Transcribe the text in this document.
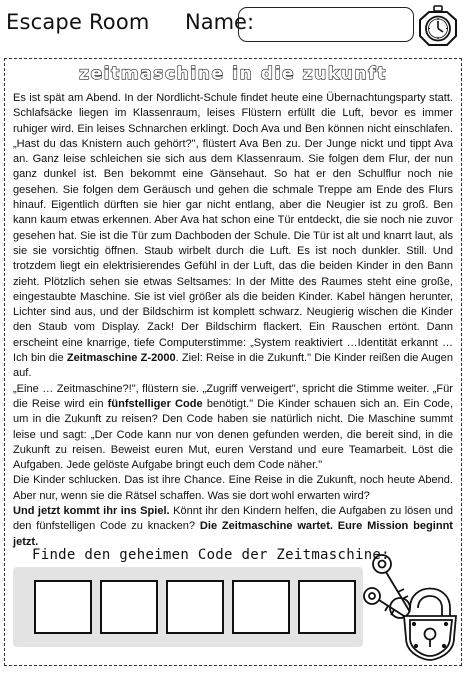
Escape Room Name:
zeitmaschine in die zukunft

Es ist spät am Abend. In der Nordlicht-Schule findet heute eine Übernachtungsparty statt. Schlafsäcke liegen im Klassenraum, leises Flüstern erfüllt die Luft, bevor es immer ruhiger wird. Ein leises Schnarchen erklingt. Doch Ava und Ben können nicht einschlafen. „Hast du das Knistern auch gehört?", flüstert Ava Ben zu. Der Junge nickt und tippt Ava an. Ganz leise schleichen sie sich aus dem Klassenraum. Sie folgen dem Flur, der nun ganz dunkel ist. Ben bekommt eine Gänsehaut. So hat er den Schulflur noch nie gesehen. Sie folgen dem Geräusch und gehen die schmale Treppe am Ende des Flurs hinauf. Eigentlich dürften sie hier gar nicht entlang, aber die Neugier ist zu groß. Ben kann kaum etwas erkennen. Aber Ava hat schon eine Tür entdeckt, die sie noch nie zuvor gesehen hat. Sie ist die Tür zum Dachboden der Schule. Die Tür ist alt und knarrt laut, als sie sie vorsichtig öffnen. Staub wirbelt durch die Luft. Es ist noch dunkler. Still. Und trotzdem liegt ein elektrisierendes Gefühl in der Luft, das die beiden Kinder in den Bann zieht. Plötzlich sehen sie etwas Seltsames: In der Mitte des Raumes steht eine große, eingestaubte Maschine. Sie ist viel größer als die beiden Kinder. Kabel hängen herunter, Lichter sind aus, und der Bildschirm ist komplett schwarz. Neugierig wischen die Kinder den Staub vom Display. Zack! Der Bildschirm flackert. Ein Rauschen ertönt. Dann erscheint eine knarrige, tiefe Computerstimme: „System reaktiviert …Identität erkannt …Ich bin die Zeitmaschine Z-2000. Ziel: Reise in die Zukunft." Die Kinder reißen die Augen auf.

„Eine … Zeitmaschine?!", flüstern sie. „Zugriff verweigert", spricht die Stimme weiter. „Für die Reise wird ein fünfstelliger Code benötigt." Die Kinder schauen sich an. Ein Code, um in die Zukunft zu reisen? Den Code haben sie natürlich nicht. Die Maschine summt leise und sagt: „Der Code kann nur von denen gefunden werden, die bereit sind, in die Zukunft zu reisen. Beweist euren Mut, euren Verstand und eure Teamarbeit. Löst die Aufgaben. Jede gelöste Aufgabe bringt euch dem Code näher."

Die Kinder schlucken. Das ist ihre Chance. Eine Reise in die Zukunft, noch heute Abend. Aber nur, wenn sie die Rätsel schaffen. Was sie dort wohl erwarten wird?

Und jetzt kommt ihr ins Spiel. Könnt ihr den Kindern helfen, die Aufgaben zu lösen und den fünfstelligen Code zu knacken? Die Zeitmaschine wartet. Eure Mission beginnt jetzt.

Finde den geheimen Code der Zeitmaschine:
